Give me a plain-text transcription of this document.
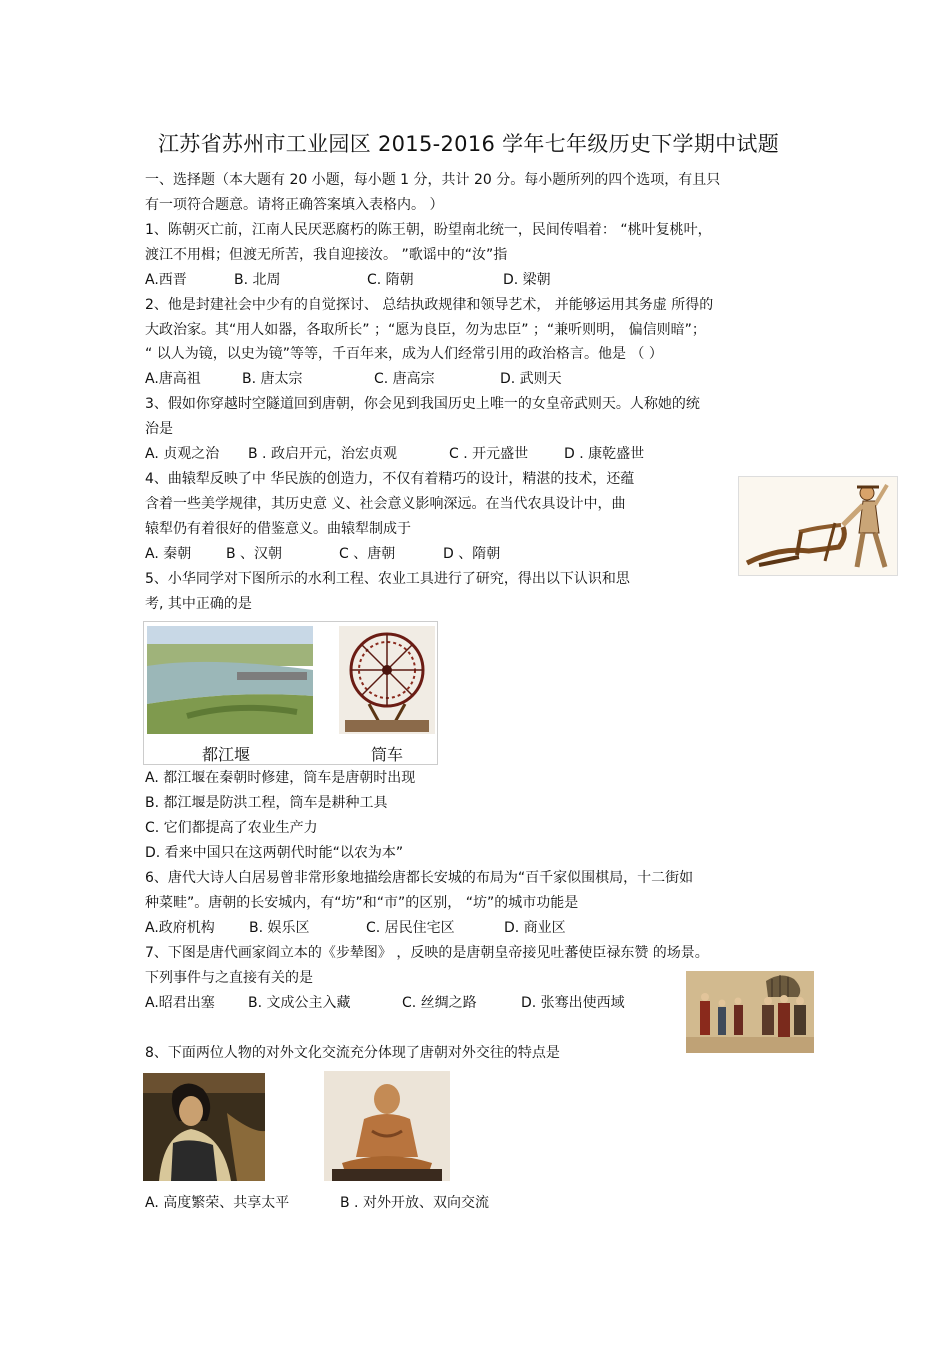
江苏省苏州市工业园区 2015-2016 学年七年级历史下学期中试题
一、选择题（本大题有 20 小题，每小题 1 分，共计 20 分。每小题所列的四个选项，有且只
有一项符合题意。请将正确答案填入表格内。 ）
1、陈朝灭亡前，江南人民厌恶腐朽的陈王朝，盼望南北统一，民间传唱着： “桃叶复桃叶，
渡江不用楫；但渡无所苦，我自迎接汝。 ”歌谣中的“汝”指
A.西晋	B. 北周	C. 隋朝	D. 梁朝
2、他是封建社会中少有的自觉探讨、 总结执政规律和领导艺术， 并能够运用其务虚 所得的
大政治家。其“用人如器，各取所长” ；“愿为良臣，勿为忠臣” ；“兼听则明， 偏信则暗”；
“ 以人为镜，以史为镜”等等，千百年来，成为人们经常引用的政治格言。他是 （ ）
A.唐高祖	B. 唐太宗	C. 唐高宗	D. 武则天
3、假如你穿越时空隧道回到唐朝，你会见到我国历史上唯一的女皇帝武则天。人称她的统
治是
A. 贞观之治 B . 政启开元，治宏贞观	C . 开元盛世	D . 康乾盛世
4、曲辕犁反映了中 华民族的创造力，不仅有着精巧的设计，精湛的技术，还蕴
含着一些美学规律，其历史意 义、社会意义影响深远。在当代农具设计中，曲
辕犁仍有着很好的借鉴意义。曲辕犁制成于
A. 秦朝 B 、汉朝	C 、唐朝	D 、隋朝
5、小华同学对下图所示的水利工程、农业工具进行了研究，得出以下认识和思
考, 其中正确的是
都江堰	筒车
A. 都江堰在秦朝时修建，筒车是唐朝时出现
B. 都江堰是防洪工程，筒车是耕种工具
C. 它们都提高了农业生产力
D. 看来中国只在这两朝代时能“以农为本”
6、唐代大诗人白居易曾非常形象地描绘唐都长安城的布局为“百千家似围棋局，十二街如
种菜畦”。唐朝的长安城内，有“坊”和“市”的区别， “坊”的城市功能是
A.政府机构 B. 娱乐区	C. 居民住宅区	D. 商业区
7、下图是唐代画家阎立本的《步辇图》 ，反映的是唐朝皇帝接见吐蕃使臣禄东赞 的场景。
下列事件与之直接有关的是
A.昭君出塞 B. 文成公主入藏	C. 丝绸之路	D. 张骞出使西域
8、下面两位人物的对外文化交流充分体现了唐朝对外交往的特点是
A. 高度繁荣、共享太平	B . 对外开放、双向交流
